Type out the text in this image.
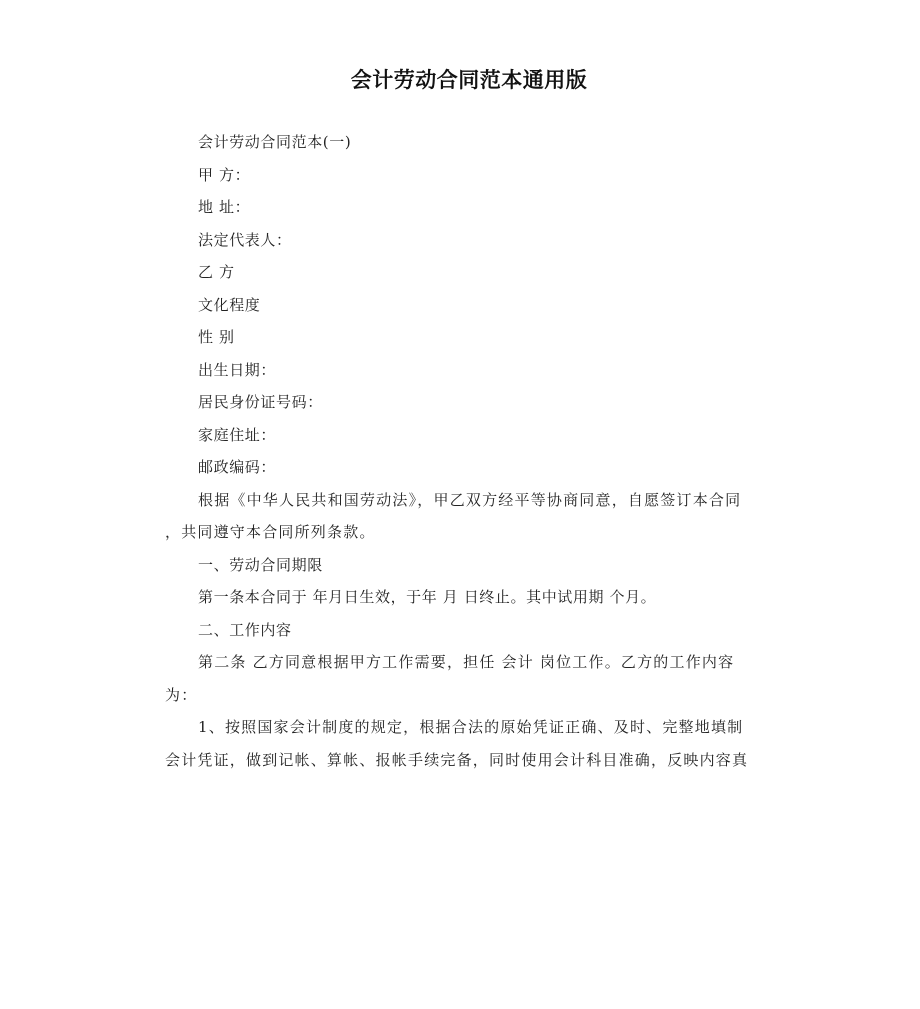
会计劳动合同范本通用版
会计劳动合同范本(一)
甲 方：
地 址：
法定代表人：
乙 方
文化程度
性 别
出生日期：
居民身份证号码：
家庭住址：
邮政编码：
根据《中华人民共和国劳动法》，甲乙双方经平等协商同意，自愿签订本合同
，共同遵守本合同所列条款。
一、劳动合同期限
第一条本合同于 年月日生效，于年 月 日终止。其中试用期 个月。
二、工作内容
第二条 乙方同意根据甲方工作需要，担任 会计 岗位工作。乙方的工作内容
为：
1、按照国家会计制度的规定，根据合法的原始凭证正确、及时、完整地填制
会计凭证，做到记帐、算帐、报帐手续完备，同时使用会计科目准确，反映内容真
